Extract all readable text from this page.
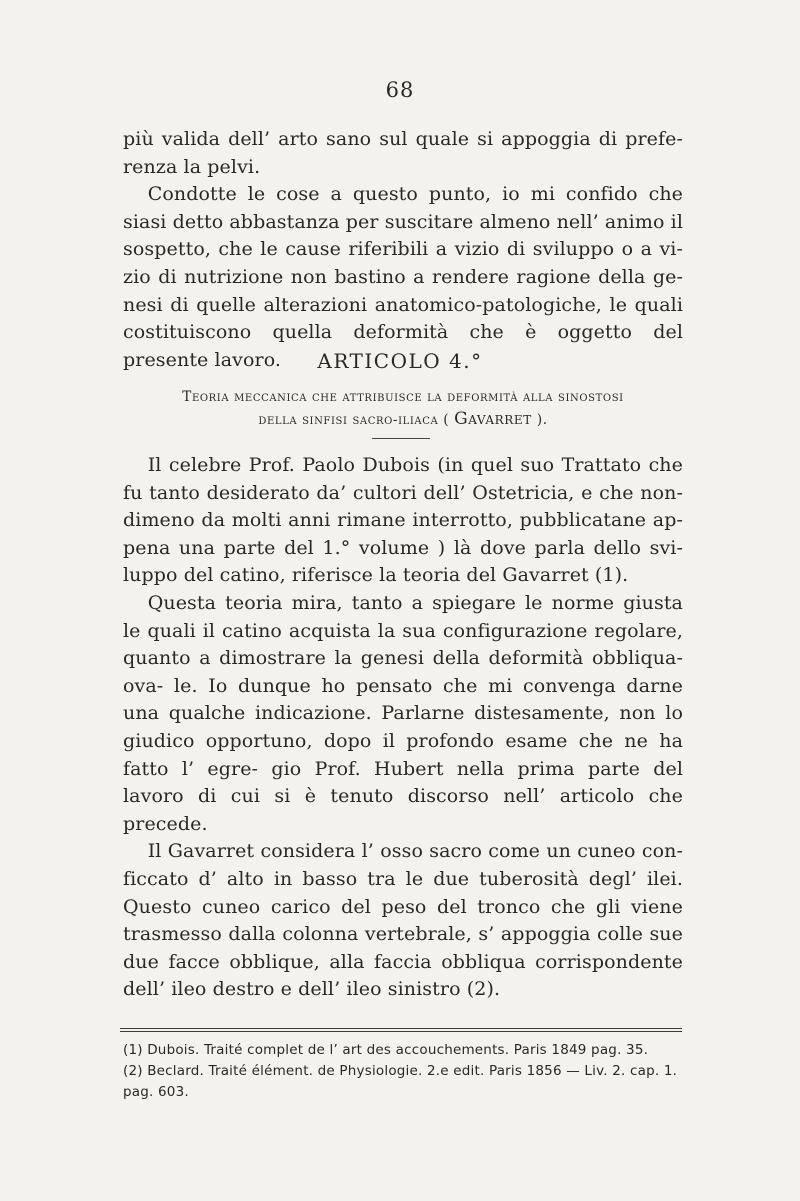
68

più valida dell’ arto sano sul quale si appoggia di prefe- renza la pelvi.

Condotte le cose a questo punto, io mi confido che siasi detto abbastanza per suscitare almeno nell’ animo il sospetto, che le cause riferibili a vizio di sviluppo o a vi- zio di nutrizione non bastino a rendere ragione della ge- nesi di quelle alterazioni anatomico-patologiche, le quali costituiscono quella deformità che è oggetto del presente lavoro.	ARTICOLO 4.°
Teoria meccanica che attribuisce la deformità alla sinostosi
della sinfisi sacro-iliaca ( Gavarret ).

Il celebre Prof. Paolo Dubois (in quel suo Trattato che fu tanto desiderato da’ cultori dell’ Ostetricia, e che non- dimeno da molti anni rimane interrotto, pubblicatane ap- pena una parte del 1.° volume ) là dove parla dello svi- luppo del catino, riferisce la teoria del Gavarret (1).

Questa teoria mira, tanto a spiegare le norme giusta le quali il catino acquista la sua configurazione regolare, quanto a dimostrare la genesi della deformità obbliqua-ova- le. Io dunque ho pensato che mi convenga darne una qualche indicazione. Parlarne distesamente, non lo giudico opportuno, dopo il profondo esame che ne ha fatto l’ egre- gio Prof. Hubert nella prima parte del lavoro di cui si è tenuto discorso nell’ articolo che precede.

Il Gavarret considera l’ osso sacro come un cuneo con- ficcato d’ alto in basso tra le due tuberosità degl’ ilei. Questo cuneo carico del peso del tronco che gli viene trasmesso dalla colonna vertebrale, s’ appoggia colle sue due facce obblique, alla faccia obbliqua corrispondente dell’ ileo destro e dell’ ileo sinistro (2).

(1) Dubois. Traité complet de l’ art des accouchements. Paris 1849 pag. 35.

(2) Beclard. Traité élément. de Physiologie. 2.e edit. Paris 1856 — Liv. 2. cap. 1. pag. 603.
